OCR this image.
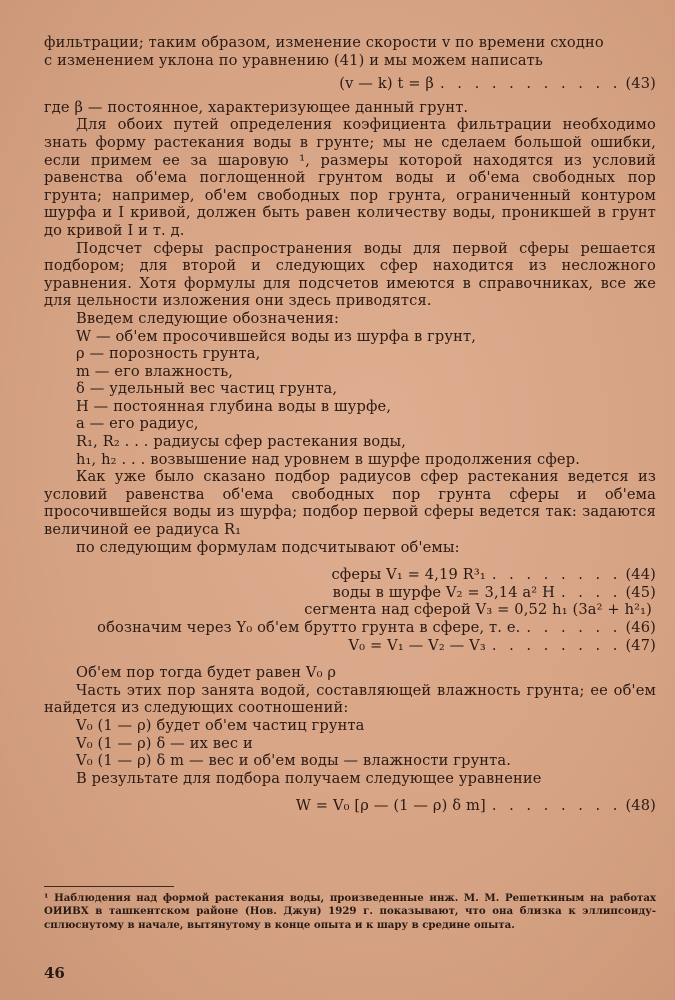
фильтрации; таким образом, изменение скорости v по времени сходно
с изменением уклона по уравнению (41) и мы можем написать
(v — k) t = β . . . . . . . . . . . (43)
где β — постоянное, характеризующее данный грунт.

Для обоих путей определения коэфициента фильтрации необходимо знать форму растекания воды в грунте; мы не сделаем большой ошибки, если примем ее за шаровую ¹, размеры которой находятся из условий равенства об'ема поглощенной грунтом воды и об'ема свободных пор грунта; например, об'ем свободных пор грунта, ограниченный контуром шурфа и I кривой, должен быть равен количеству воды, проникшей в грунт до кривой I и т. д.

Подсчет сферы распространения воды для первой сферы решается подбором; для второй и следующих сфер находится из несложного уравнения. Хотя формулы для подсчетов имеются в справочниках, все же для цельности изложения они здесь приводятся.

Введем следующие обозначения:
W — об'ем просочившейся воды из шурфа в грунт,
ρ — порозность грунта,
m — его влажность,
δ — удельный вес частиц грунта,
H — постоянная глубина воды в шурфе,
a — его радиус,
R₁, R₂ . . . радиусы сфер растекания воды,
h₁, h₂ . . . возвышение над уровнем в шурфе продолжения сфер.

Как уже было сказано подбор радиусов сфер растекания ведется из условий равенства об'ема свободных пор грунта сферы и об'ема просочившейся воды из шурфа; подбор первой сферы ведется так: задаются величиной ее радиуса R₁

по следующим формулам подсчитывают об'емы:
сферы V₁ = 4,19 R³₁ . . . . . . . . (44)
воды в шурфе V₂ = 3,14 a² H . . . . (45)
сегмента над сферой V₃ = 0,52 h₁ (3a² + h²₁)
обозначим через Y₀ об'ем брутто грунта в сфере, т. е. . . . . . . (46)
V₀ = V₁ — V₂ — V₃ . . . . . . . . (47)
Об'ем пор тогда будет равен V₀ ρ

Часть этих пор занята водой, составляющей влажность грунта; ее об'ем найдется из следующих соотношений:

V₀ (1 — ρ) будет об'ем частиц грунта
V₀ (1 — ρ) δ — их вес и
V₀ (1 — ρ) δ m — вес и об'ем воды — влажности грунта.
В результате для подбора получаем следующее уравнение
W = V₀ [ρ — (1 — ρ) δ m] . . . . . . . . (48)
¹ Наблюдения над формой растекания воды, произведенные инж. М. М. Решеткиным на работах ОИИВХ в ташкентском районе (Нов. Джун) 1929 г. показывают, что она близка к эллипсоиду-сплюснутому в начале, вытянутому в конце опыта и к шару в средине опыта.
46
